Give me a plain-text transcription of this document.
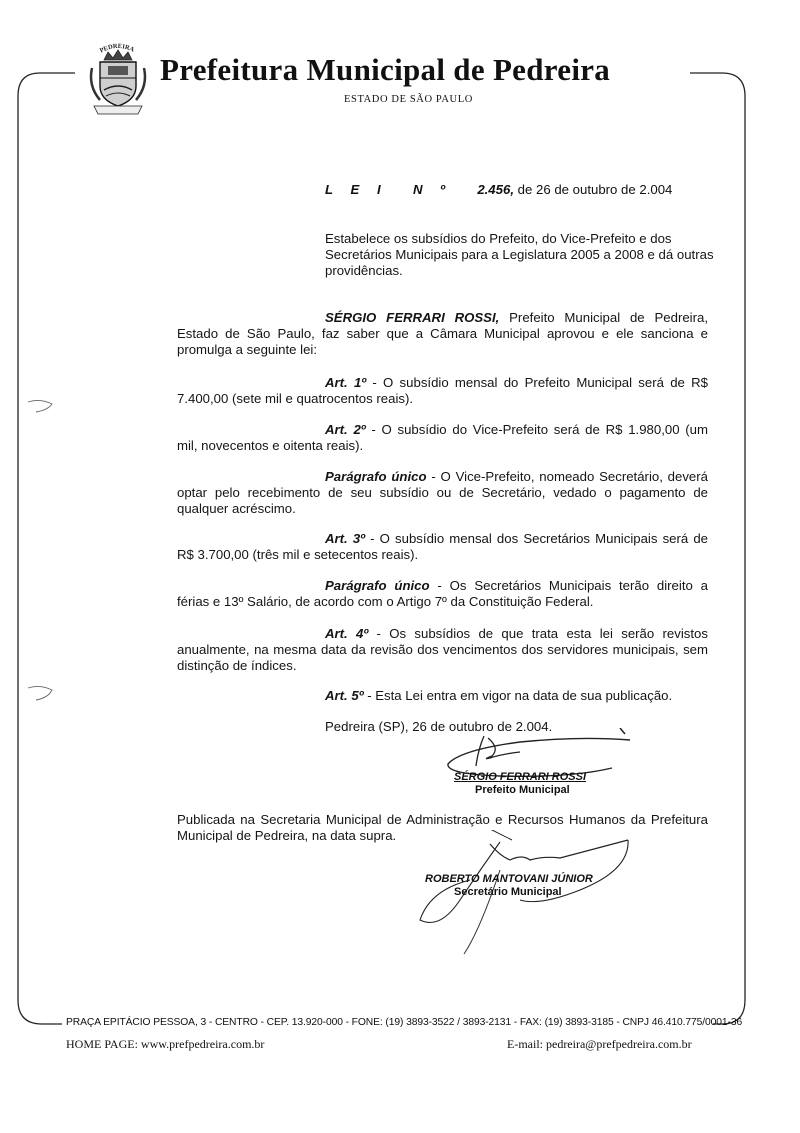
PEDREIRA
Prefeitura Municipal de Pedreira
ESTADO DE SÃO PAULO
L E I N º 2.456, de 26 de outubro de 2.004
Estabelece os subsídios do Prefeito, do Vice-Prefeito e dos Secretários Municipais para a Legislatura 2005 a 2008 e dá outras providências.
SÉRGIO FERRARI ROSSI, Prefeito Municipal de Pedreira, Estado de São Paulo, faz saber que a Câmara Municipal aprovou e ele sanciona e promulga a seguinte lei:
Art. 1º - O subsídio mensal do Prefeito Municipal será de R$ 7.400,00 (sete mil e quatrocentos reais).
Art. 2º - O subsídio do Vice-Prefeito será de R$ 1.980,00 (um mil, novecentos e oitenta reais).
Parágrafo único - O Vice-Prefeito, nomeado Secretário, deverá optar pelo recebimento de seu subsídio ou de Secretário, vedado o pagamento de qualquer acréscimo.
Art. 3º - O subsídio mensal dos Secretários Municipais será de R$ 3.700,00 (três mil e setecentos reais).
Parágrafo único - Os Secretários Municipais terão direito a férias e 13º Salário, de acordo com o Artigo 7º da Constituição Federal.
Art. 4º - Os subsídios de que trata esta lei serão revistos anualmente, na mesma data da revisão dos vencimentos dos servidores municipais, sem distinção de índices.
Art. 5º - Esta Lei entra em vigor na data de sua publicação.
Pedreira (SP), 26 de outubro de 2.004.
SÉRGIO FERRARI ROSSI
Prefeito Municipal
Publicada na Secretaria Municipal de Administração e Recursos Humanos da Prefeitura Municipal de Pedreira, na data supra.
ROBERTO MANTOVANI JÚNIOR
Secretário Municipal
PRAÇA EPITÁCIO PESSOA, 3 - CENTRO - CEP. 13.920-000 - FONE: (19) 3893-3522 / 3893-2131 - FAX: (19) 3893-3185 - CNPJ 46.410.775/0001-36
HOME PAGE: www.prefpedreira.com.br	E-mail: pedreira@prefpedreira.com.br
